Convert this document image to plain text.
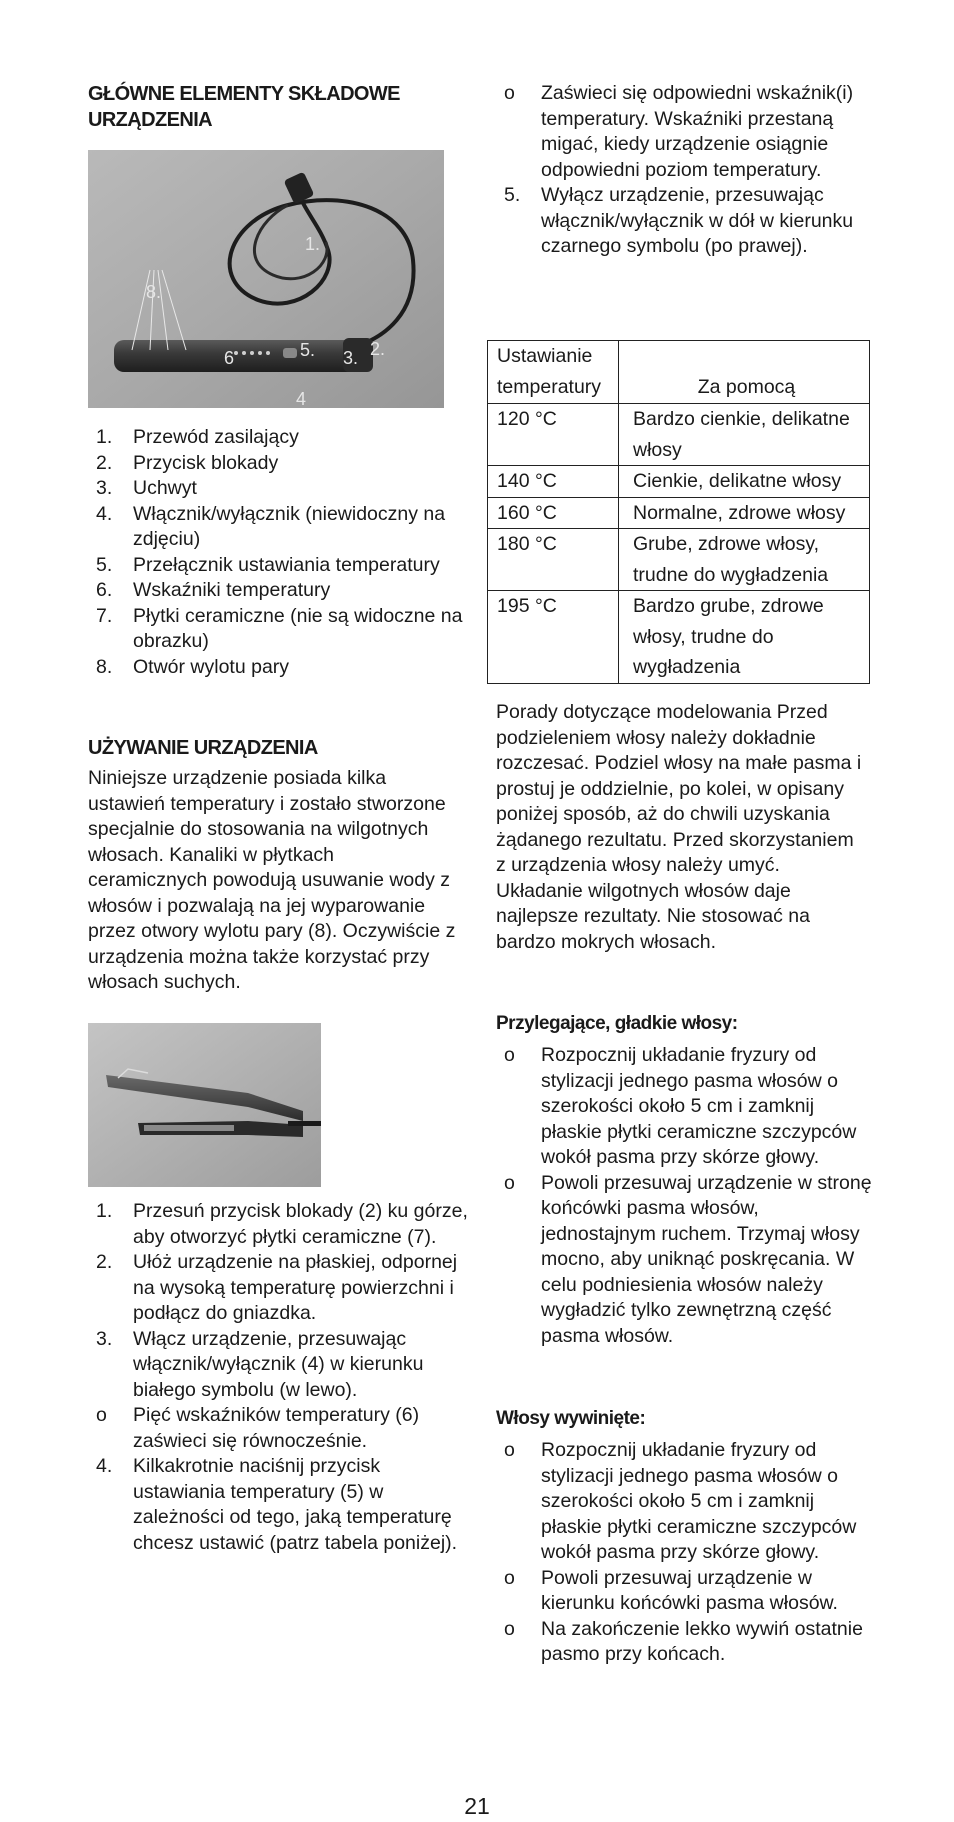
GŁÓWNE ELEMENTY SKŁADOWE URZĄDZENIA
1.
2.
3.
4
5.
6
8.
1.	Przewód zasilający
2.	Przycisk blokady
3.	Uchwyt
4.	Włącznik/wyłącznik (niewidoczny na zdjęciu)
5.	Przełącznik ustawiania temperatury
6.	Wskaźniki temperatury
7.	Płytki ceramiczne (nie są widoczne na obrazku)
8.	Otwór wylotu pary
UŻYWANIE URZĄDZENIA
Niniejsze urządzenie posiada kilka ustawień temperatury i zostało stworzone specjalnie do stosowania na wilgotnych włosach. Kanaliki w płytkach ceramicznych powodują usuwanie wody z włosów i pozwalają na jej wyparowanie przez otwory wylotu pary (8). Oczywiście z urządzenia można także korzystać przy włosach suchych.
1.	Przesuń przycisk blokady (2) ku górze, aby otworzyć płytki ceramiczne (7).
2.	Ułóż urządzenie na płaskiej, odpornej na wysoką temperaturę powierzchni i podłącz do gniazdka.
3.	Włącz urządzenie, przesuwając włącznik/wyłącznik (4) w kierunku białego symbolu (w lewo).
o	Pięć wskaźników temperatury (6) zaświeci się równocześnie.
4.	Kilkakrotnie naciśnij przycisk ustawiania temperatury (5) w zależności od tego, jaką temperaturę chcesz ustawić (patrz tabela poniżej).
o	Zaświeci się odpowiedni wskaźnik(i) temperatury. Wskaźniki przestaną migać, kiedy urządzenie osiągnie odpowiedni poziom temperatury.
5.	Wyłącz urządzenie, przesuwając włącznik/wyłącznik w dół w kierunku czarnego symbolu (po prawej).
Ustawianie temperatury	Za pomocą
120 °C	Bardzo cienkie, delikatne włosy
140 °C	Cienkie, delikatne włosy
160 °C	Normalne, zdrowe włosy
180 °C	Grube, zdrowe włosy, trudne do wygładzenia
195 °C	Bardzo grube, zdrowe włosy, trudne do wygładzenia
Porady dotyczące modelowania Przed podzieleniem włosy należy dokładnie rozczesać. Podziel włosy na małe pasma i prostuj je oddzielnie, po kolei, w opisany poniżej sposób, aż do chwili uzyskania żądanego rezultatu. Przed skorzystaniem z urządzenia włosy należy umyć. Układanie wilgotnych włosów daje najlepsze rezultaty. Nie stosować na bardzo mokrych włosach.
Przylegające, gładkie włosy:
o	Rozpocznij układanie fryzury od stylizacji jednego pasma włosów o szerokości około 5 cm i zamknij płaskie płytki ceramiczne szczypców wokół pasma przy skórze głowy.
o	Powoli przesuwaj urządzenie w stronę końcówki pasma włosów, jednostajnym ruchem. Trzymaj włosy mocno, aby uniknąć poskręcania. W celu podniesienia włosów należy wygładzić tylko zewnętrzną część pasma włosów.
Włosy wywinięte:
o	Rozpocznij układanie fryzury od stylizacji jednego pasma włosów o szerokości około 5 cm i zamknij płaskie płytki ceramiczne szczypców wokół pasma przy skórze głowy.
o	Powoli przesuwaj urządzenie w kierunku końcówki pasma włosów.
o	Na zakończenie lekko wywiń ostatnie pasmo przy końcach.
21
